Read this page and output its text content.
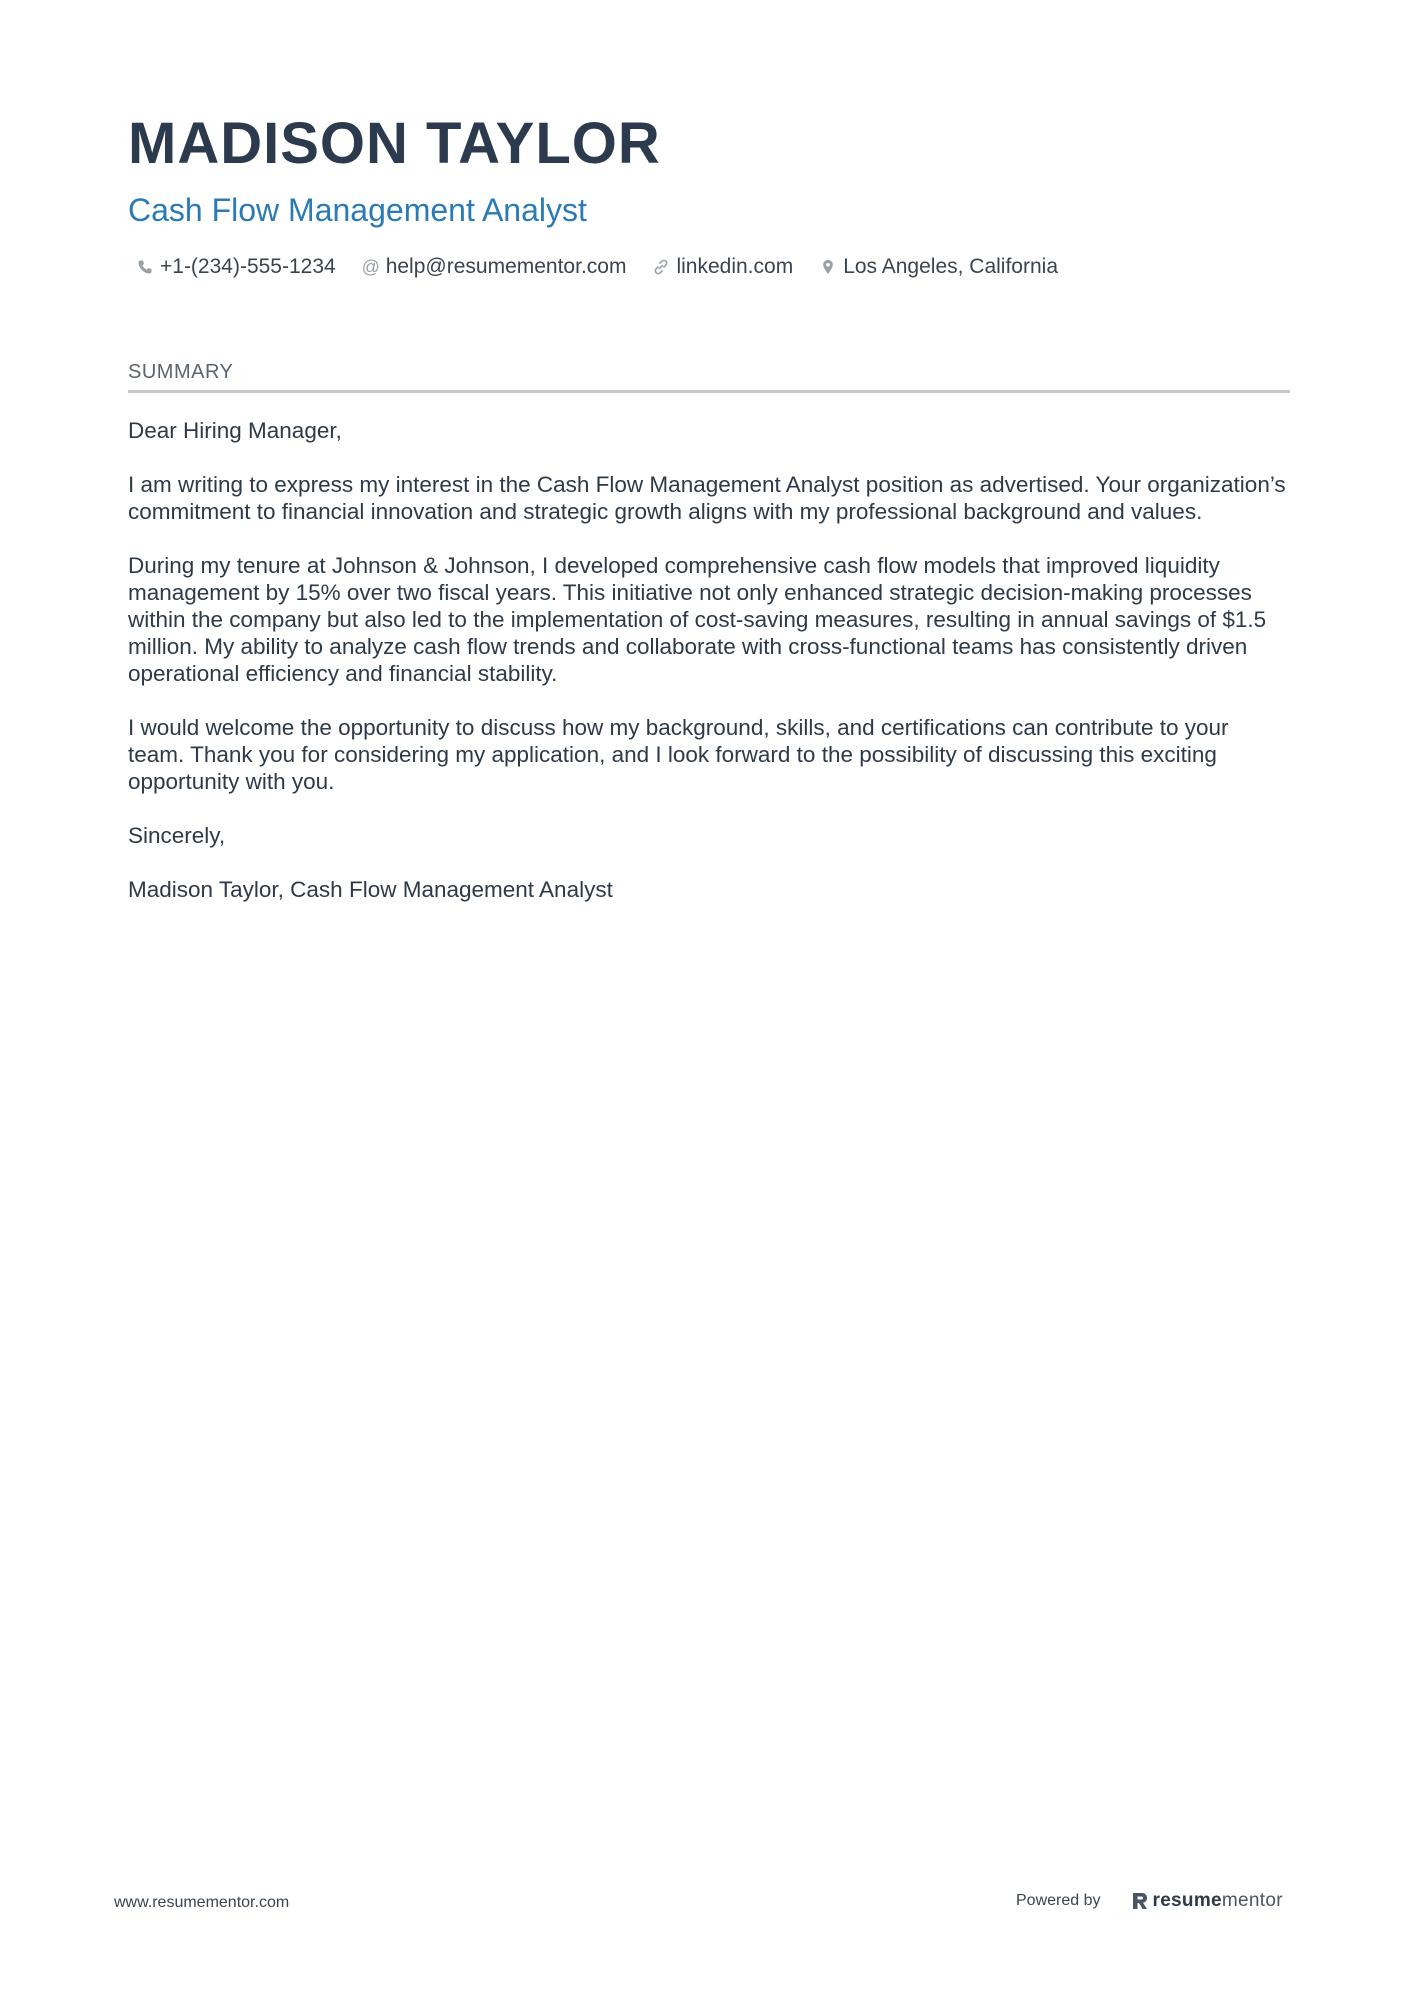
MADISON TAYLOR
Cash Flow Management Analyst
+1-(234)-555-1234 @ help@resumementor.com linkedin.com Los Angeles, California
SUMMARY

Dear Hiring Manager,

I am writing to express my interest in the Cash Flow Management Analyst position as advertised. Your organization’s commitment to financial innovation and strategic growth aligns with my professional background and values.

During my tenure at Johnson & Johnson, I developed comprehensive cash flow models that improved liquidity management by 15% over two fiscal years. This initiative not only enhanced strategic decision-making processes within the company but also led to the implementation of cost-saving measures, resulting in annual savings of $1.5 million. My ability to analyze cash flow trends and collaborate with cross-functional teams has consistently driven operational efficiency and financial stability.

I would welcome the opportunity to discuss how my background, skills, and certifications can contribute to your team. Thank you for considering my application, and I look forward to the possibility of discussing this exciting opportunity with you.

Sincerely,

Madison Taylor, Cash Flow Management Analyst

www.resumementor.com	Powered by	resume mentor
